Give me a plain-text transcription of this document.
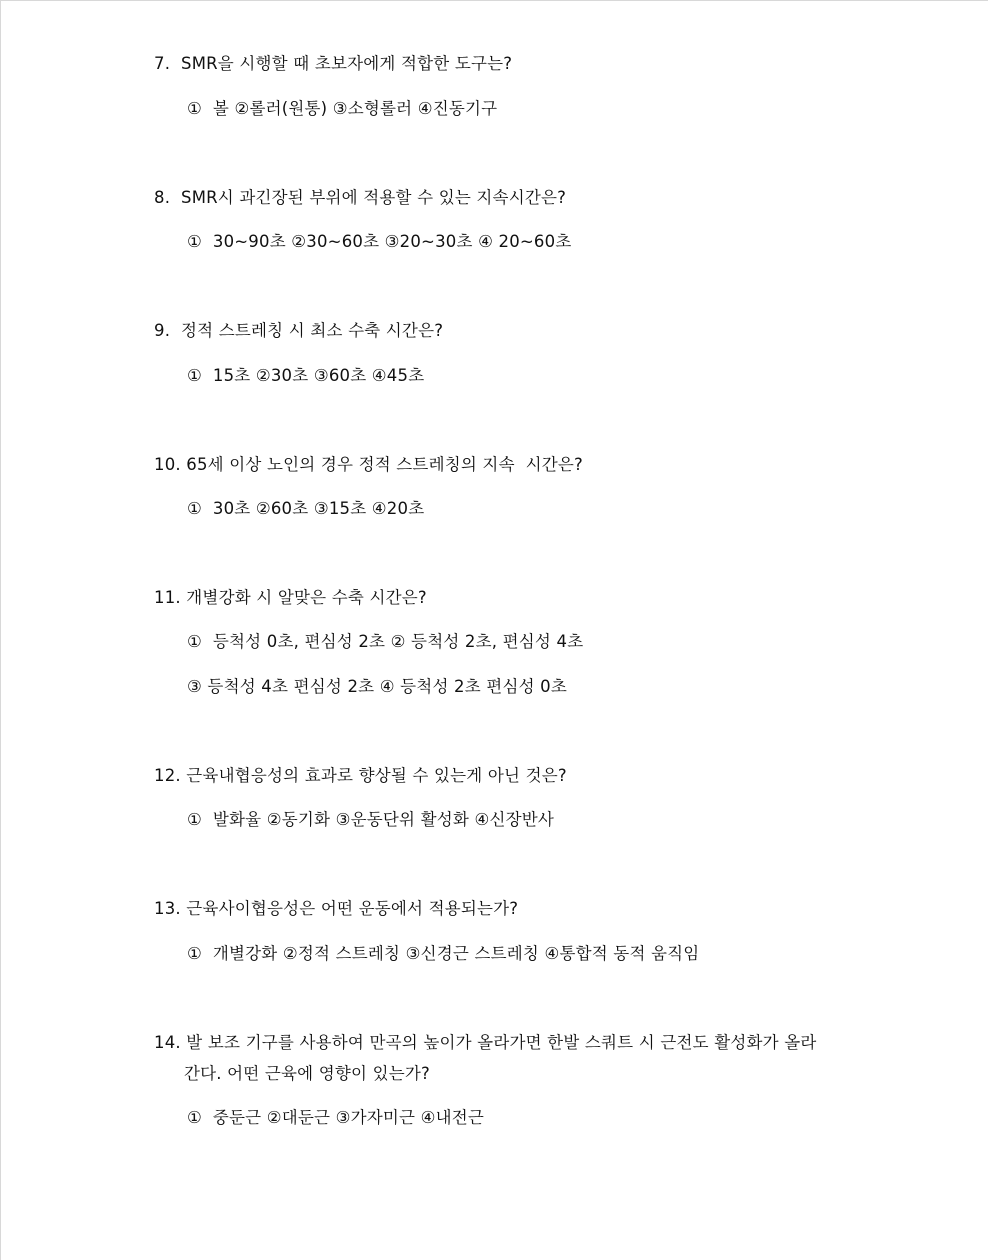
7.  SMR을 시행할 때 초보자에게 적합한 도구는?
①  볼 ②롤러(원통) ③소형롤러 ④진동기구
8.  SMR시 과긴장된 부위에 적용할 수 있는 지속시간은?
①  30~90초 ②30~60초 ③20~30초 ④ 20~60초
9.  정적 스트레칭 시 최소 수축 시간은?
①  15초 ②30초 ③60초 ④45초
10. 65세 이상 노인의 경우 정적 스트레칭의 지속  시간은?
①  30초 ②60초 ③15초 ④20초
11. 개별강화 시 알맞은 수축 시간은?
①  등척성 0초, 편심성 2초 ② 등척성 2초, 편심성 4초
③ 등척성 4초 편심성 2초 ④ 등척성 2초 편심성 0초
12. 근육내협응성의 효과로 향상될 수 있는게 아닌 것은?
①  발화율 ②동기화 ③운동단위 활성화 ④신장반사
13. 근육사이협응성은 어떤 운동에서 적용되는가?
①  개별강화 ②정적 스트레칭 ③신경근 스트레칭 ④통합적 동적 움직임
14. 발 보조 기구를 사용하여 만곡의 높이가 올라가면 한발 스쿼트 시 근전도 활성화가 올라
간다. 어떤 근육에 영향이 있는가?
①  중둔근 ②대둔근 ③가자미근 ④내전근
